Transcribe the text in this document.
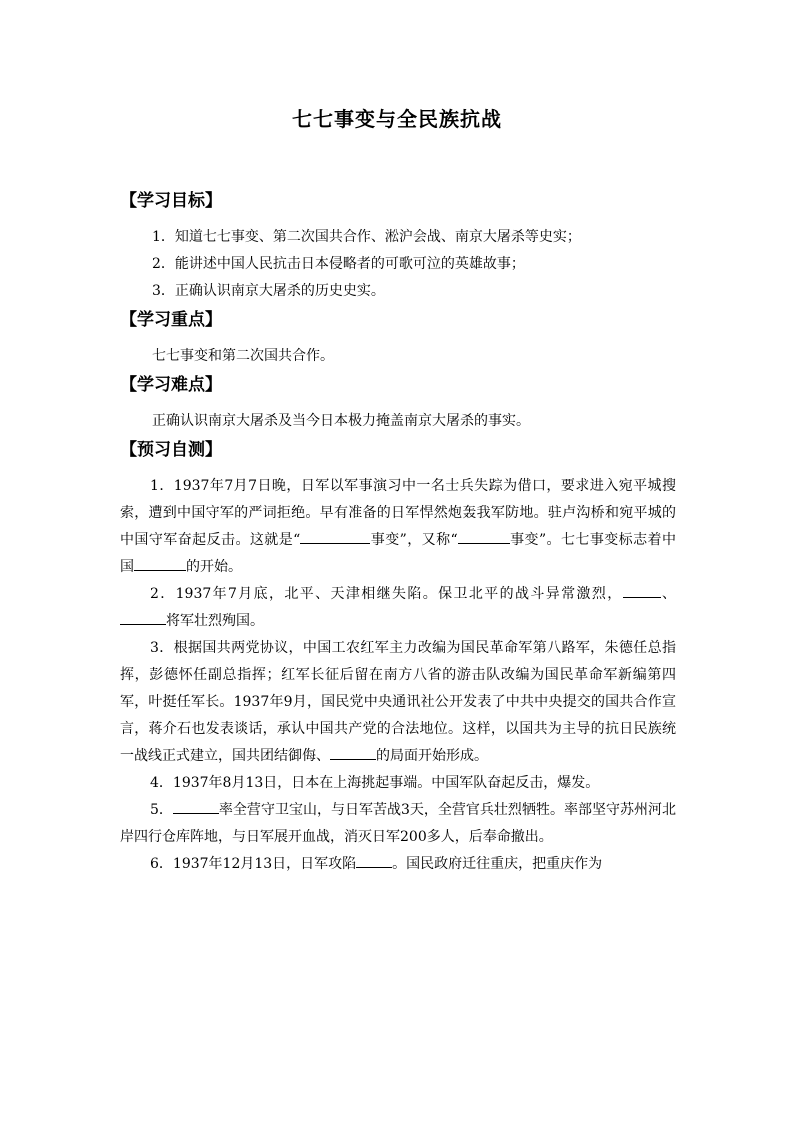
七七事变与全民族抗战
【学习目标】
1．知道七七事变、第二次国共合作、淞沪会战、南京大屠杀等史实；
2．能讲述中国人民抗击日本侵略者的可歌可泣的英雄故事；
3．正确认识南京大屠杀的历史史实。
【学习重点】
七七事变和第二次国共合作。
【学习难点】
正确认识南京大屠杀及当今日本极力掩盖南京大屠杀的事实。
【预习自测】

1．1937年7月7日晚，日军以军事演习中一名士兵失踪为借口，要求进入宛平城搜索，遭到中国守军的严词拒绝。早有准备的日军悍然炮轰我军防地。驻卢沟桥和宛平城的中国守军奋起反击。这就是“	事变”，又称“	事变”。七七事变标志着中国	的开始。

2．1937年7月底，北平、天津相继失陷。保卫北平的战斗异常激烈，	、将军壮烈殉国。

3．根据国共两党协议，中国工农红军主力改编为国民革命军第八路军，朱德任总指挥，彭德怀任副总指挥；红军长征后留在南方八省的游击队改编为国民革命军新编第四军，叶挺任军长。1937年9月，国民党中央通讯社公开发表了中共中央提交的国共合作宣言，蒋介石也发表谈话，承认中国共产党的合法地位。这样，以国共为主导的抗日民族统一战线正式建立，国共团结御侮、	的局面开始形成。

4．1937年8月13日，日本在上海挑起事端。中国军队奋起反击，爆发。

5．	率全营守卫宝山，与日军苦战3天，全营官兵壮烈牺牲。率部坚守苏州河北岸四行仓库阵地，与日军展开血战，消灭日军200多人，后奉命撤出。

6．1937年12月13日，日军攻陷	。国民政府迁往重庆，把重庆作为
